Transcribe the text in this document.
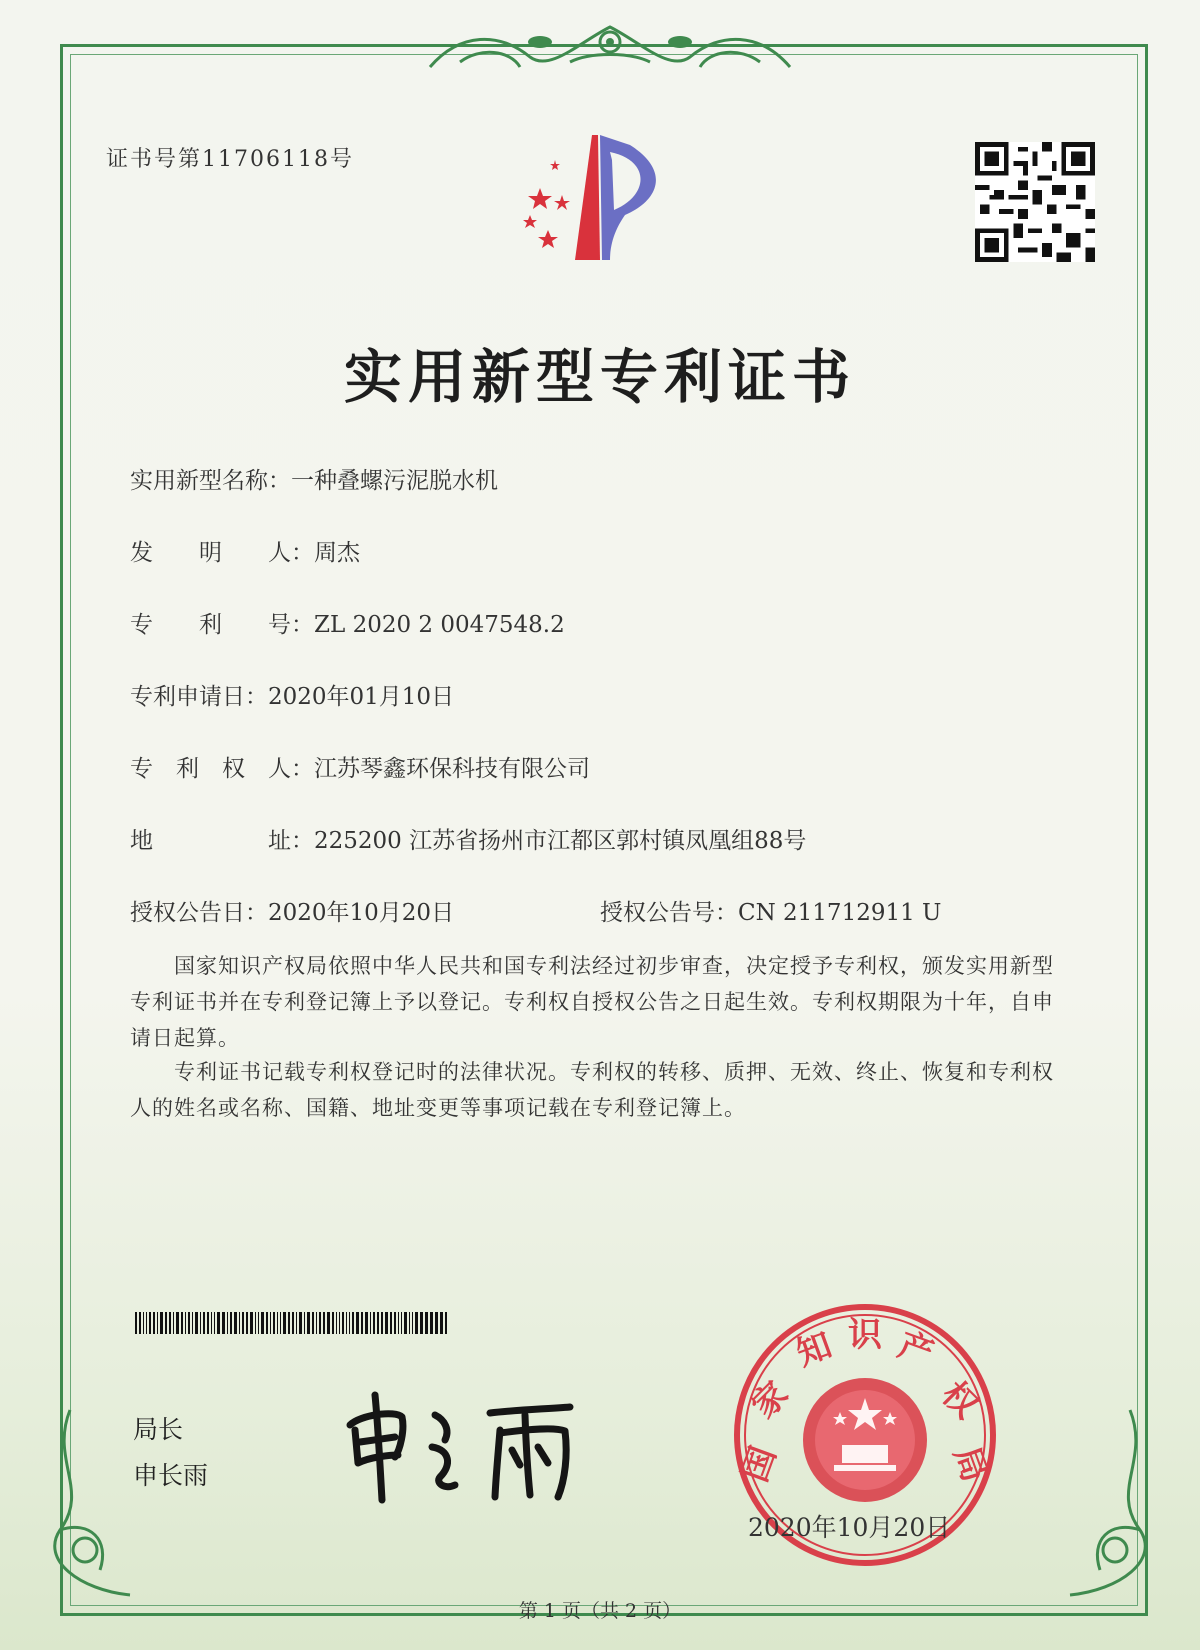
证书号第11706118号
实用新型专利证书
实用新型名称：一种叠螺污泥脱水机
发　　明　　人：周杰
专　　利　　号：ZL 2020 2 0047548.2
专利申请日：2020年01月10日
专　利　权　人：江苏琴鑫环保科技有限公司
地　　　　　址：225200 江苏省扬州市江都区郭村镇凤凰组88号
授权公告日：2020年10月20日	授权公告号：CN 211712911 U
　　国家知识产权局依照中华人民共和国专利法经过初步审查，决定授予专利权，颁发实用新型专利证书并在专利登记簿上予以登记。专利权自授权公告之日起生效。专利权期限为十年，自申请日起算。
　　专利证书记载专利权登记时的法律状况。专利权的转移、质押、无效、终止、恢复和专利权人的姓名或名称、国籍、地址变更等事项记载在专利登记簿上。
局长
申长雨	国
家
知 识 产
权
局
2020年10月20日
第 1 页（共 2 页）
